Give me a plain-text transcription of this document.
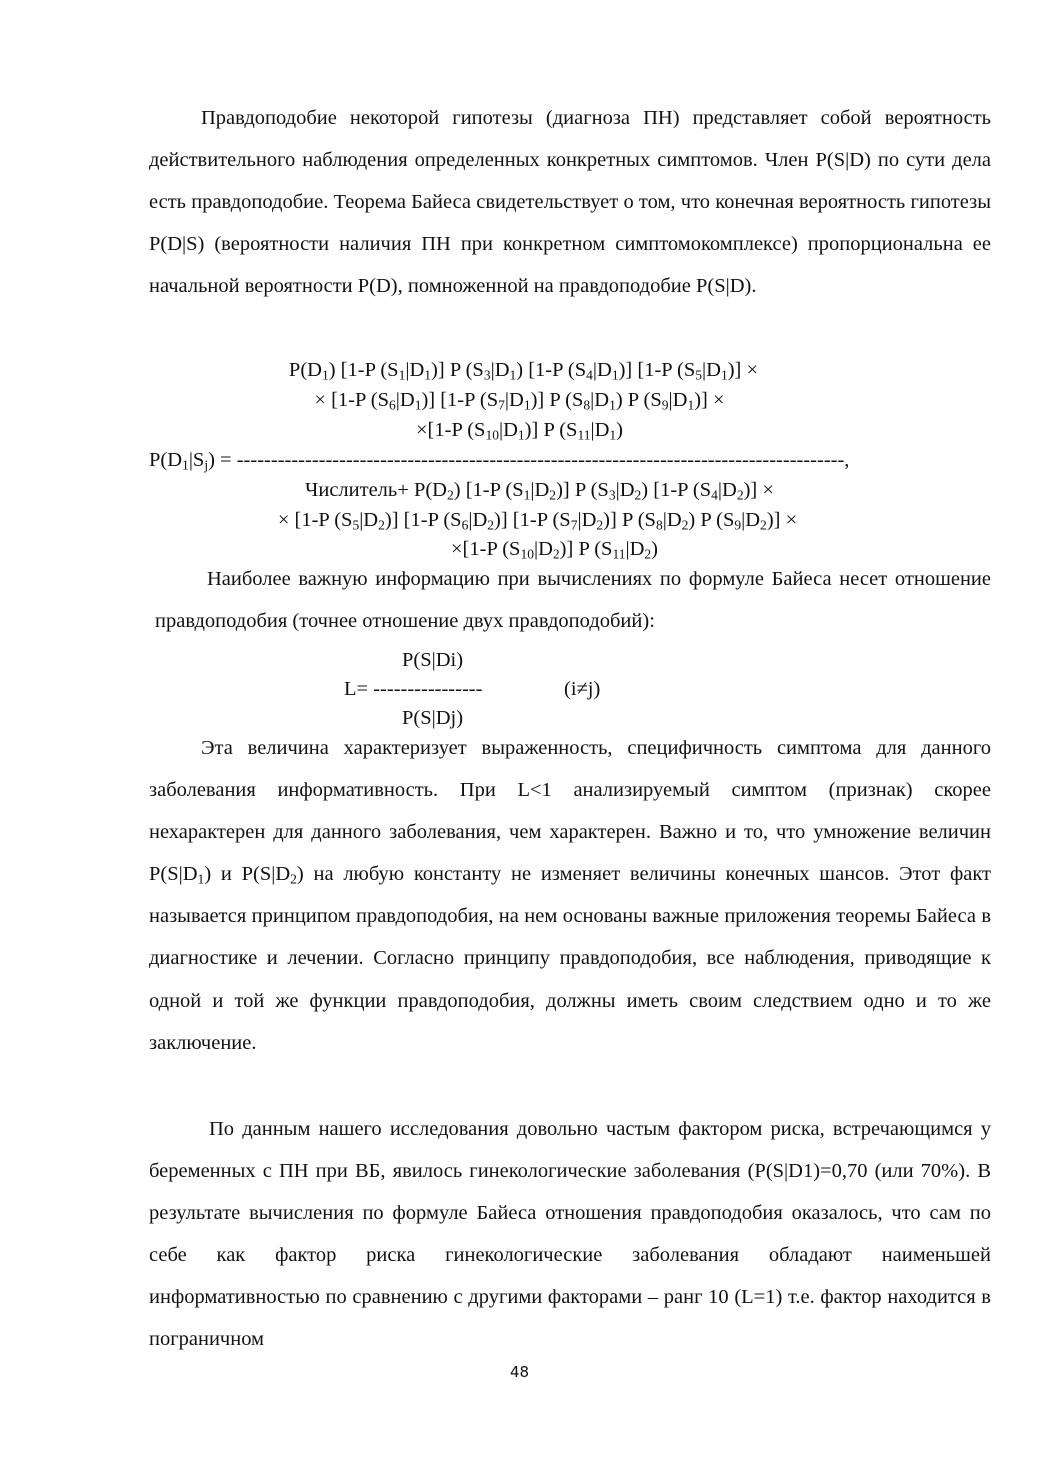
Правдоподобие некоторой гипотезы (диагноза ПН) представляет собой вероятность действительного наблюдения определенных конкретных симптомов. Член P(S|D) по сути дела есть правдоподобие. Теорема Байеса свидетельствует о том, что конечная вероятность гипотезы P(D|S) (вероятности наличия ПН при конкретном симптомокомплексе) пропорциональна ее начальной вероятности P(D), помноженной на правдоподобие P(S|D).

$P(D_1)$ [1-P $(S_1|D_1)$] P $(S_3|D_1)$ [1-P $(S_4|D_1)$] [1-P $(S_5|D_1)$] ×

× [1-P $(S_6|D_1)$] [1-P $(S_7|D_1)$] P $(S_8|D_1)$ P $(S_9|D_1)$] ×

×[1-P $(S_{10}|D_1)$] P $(S_{11}|D_1)$

$P(D_1|S_j)$ = -----------------------------------------------------------------------------------------,

Числитель+ $P(D_2)$ [1-P $(S_1|D_2)$] P $(S_3|D_2)$ [1-P $(S_4|D_2)$] ×

× [1-P $(S_5|D_2)$] [1-P $(S_6|D_2)$] [1-P $(S_7|D_2)$] P $(S_8|D_2)$ P $(S_9|D_2)$] ×

×[1-P $(S_{10}|D_2)$] P $(S_{11}|D_2)$

Наиболее важную информацию при вычислениях по формуле Байеса несет отношение правдоподобия (точнее отношение двух правдоподобий):

P(S|Di)

L= ----------------	(i≠j)

P(S|Dj)

Эта величина характеризует выраженность, специфичность симптома для данного заболевания информативность. При L<1 анализируемый симптом (признак) скорее нехарактерен для данного заболевания, чем характерен. Важно и то, что умножение величин $P(S|D_1)$ и $P(S|D_2)$ на любую константу не изменяет величины конечных шансов. Этот факт называется принципом правдоподобия, на нем основаны важные приложения теоремы Байеса в диагностике и лечении. Согласно принципу правдоподобия, все наблюдения, приводящие к одной и той же функции правдоподобия, должны иметь своим следствием одно и то же заключение.

По данным нашего исследования довольно частым фактором риска, встречающимся у беременных с ПН при ВБ, явилось гинекологические заболевания (P(S|D1)=0,70 (или 70%). В результате вычисления по формуле Байеса отношения правдоподобия оказалось, что сам по себе как фактор риска гинекологические заболевания обладают наименьшей информативностью по сравнению с другими факторами – ранг 10 (L=1) т.е. фактор находится в пограничном

48
